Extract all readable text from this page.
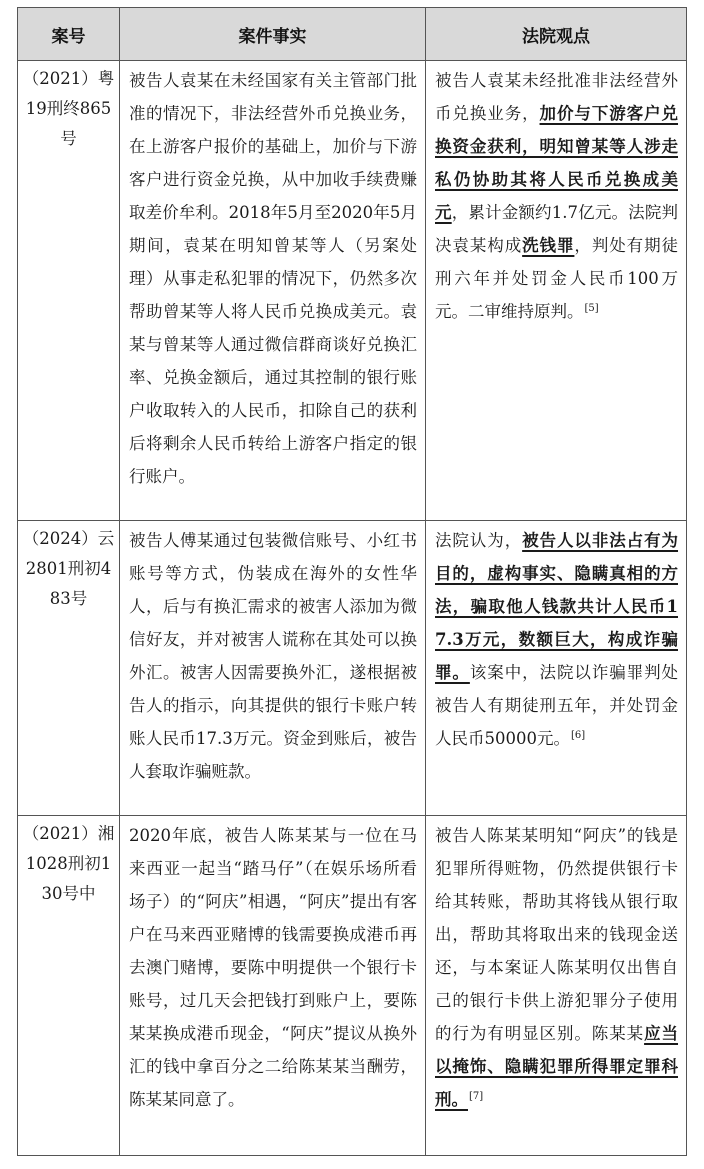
案号	案件事实	法院观点
（2021）粤19刑终865号	被告人袁某在未经国家有关主管部门批准的情况下，非法经营外币兑换业务，在上游客户报价的基础上，加价与下游客户进行资金兑换，从中加收手续费赚取差价牟利。2018年5月至2020年5月期间，袁某在明知曾某等人（另案处理）从事走私犯罪的情况下，仍然多次帮助曾某等人将人民币兑换成美元。袁某与曾某等人通过微信群商谈好兑换汇率、兑换金额后，通过其控制的银行账户收取转入的人民币，扣除自己的获利后将剩余人民币转给上游客户指定的银行账户。	被告人袁某未经批准非法经营外币兑换业务，加价与下游客户兑换资金获利，明知曾某等人涉走私仍协助其将人民币兑换成美元，累计金额约1.7亿元。法院判决袁某构成洗钱罪，判处有期徒刑六年并处罚金人民币100万元。二审维持原判。[5]
（2024）云2801刑初483号	被告人傅某通过包装微信账号、小红书账号等方式，伪装成在海外的女性华人，后与有换汇需求的被害人添加为微信好友，并对被害人谎称在其处可以换外汇。被害人因需要换外汇，遂根据被告人的指示，向其提供的银行卡账户转账人民币17.3万元。资金到账后，被告人套取诈骗赃款。	法院认为，被告人以非法占有为目的，虚构事实、隐瞒真相的方法，骗取他人钱款共计人民币17.3万元，数额巨大，构成诈骗罪。该案中，法院以诈骗罪判处被告人有期徒刑五年，并处罚金人民币50000元。[6]
（2021）湘1028刑初130号中	2020年底，被告人陈某某与一位在马来西亚一起当“踏马仔”（在娱乐场所看场子）的“阿庆”相遇，“阿庆”提出有客户在马来西亚赌博的钱需要换成港币再去澳门赌博，要陈中明提供一个银行卡账号，过几天会把钱打到账户上，要陈某某换成港币现金，“阿庆”提议从换外汇的钱中拿百分之二给陈某某当酬劳，陈某某同意了。	被告人陈某某明知“阿庆”的钱是犯罪所得赃物，仍然提供银行卡给其转账，帮助其将钱从银行取出，帮助其将取出来的钱现金送还，与本案证人陈某明仅出售自己的银行卡供上游犯罪分子使用的行为有明显区别。陈某某应当以掩饰、隐瞒犯罪所得罪定罪科刑。[7]
